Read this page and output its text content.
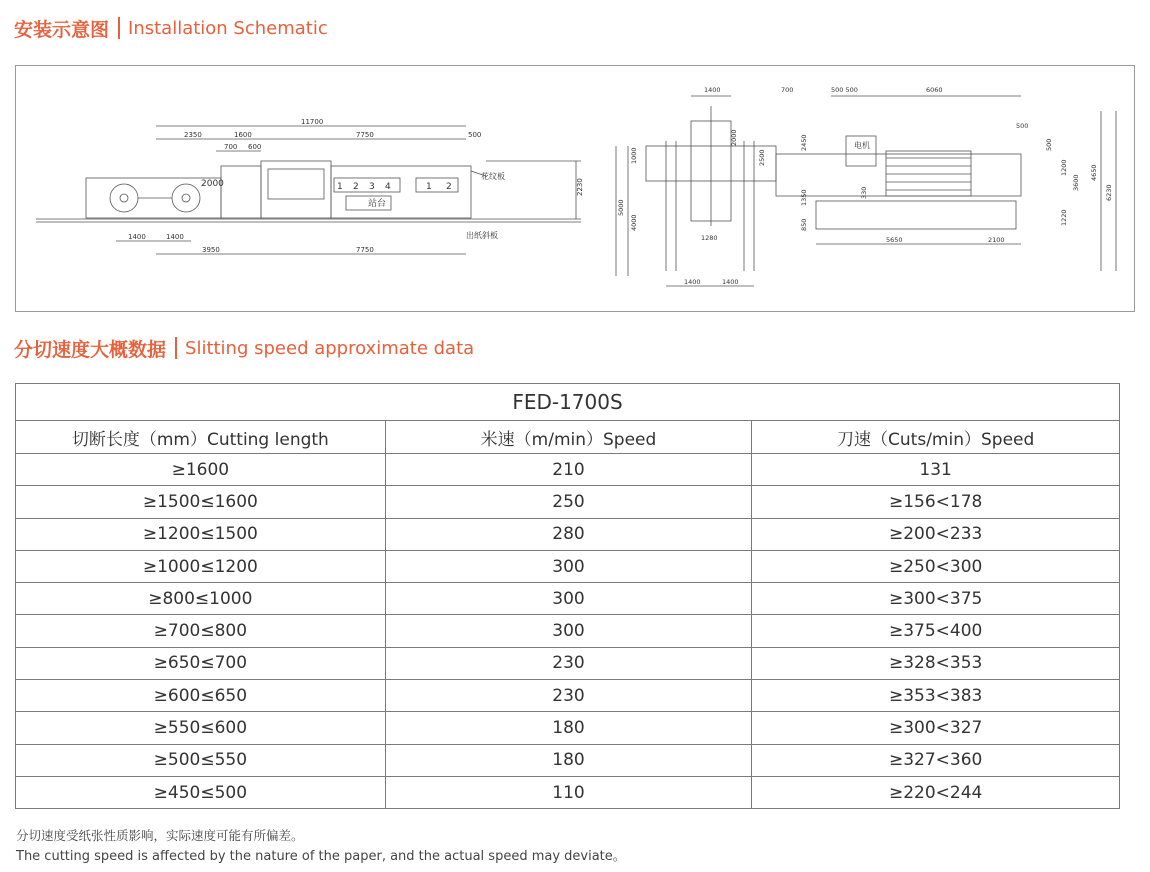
安装示意图 Installation Schematic
11700
2350	1600	7750	500
700 600
2000
1400	1400
3950	7750
2230
花纹板
出纸斜板
站台
1 2 3 4	1 2
1400	700	500 500	6060
500
2000
1000
4000
5000
2500
2450
1350
850
1280
330
5650	2100
1200
500
3600
4650
6230
1220
1400	1400
电机
分切速度大概数据 Slitting speed approximate data
FED-1700S		
切断长度（mm）Cutting length	米速（m/min）Speed	刀速（Cuts/min）Speed
≥1600	210	131
≥1500≤1600	250	≥156<178
≥1200≤1500	280	≥200<233
≥1000≤1200	300	≥250<300
≥800≤1000	300	≥300<375
≥700≤800	300	≥375<400
≥650≤700	230	≥328<353
≥600≤650	230	≥353<383
≥550≤600	180	≥300<327
≥500≤550	180	≥327<360
≥450≤500	110	≥220<244
分切速度受纸张性质影响，实际速度可能有所偏差。
The cutting speed is affected by the nature of the paper, and the actual speed may deviate。
